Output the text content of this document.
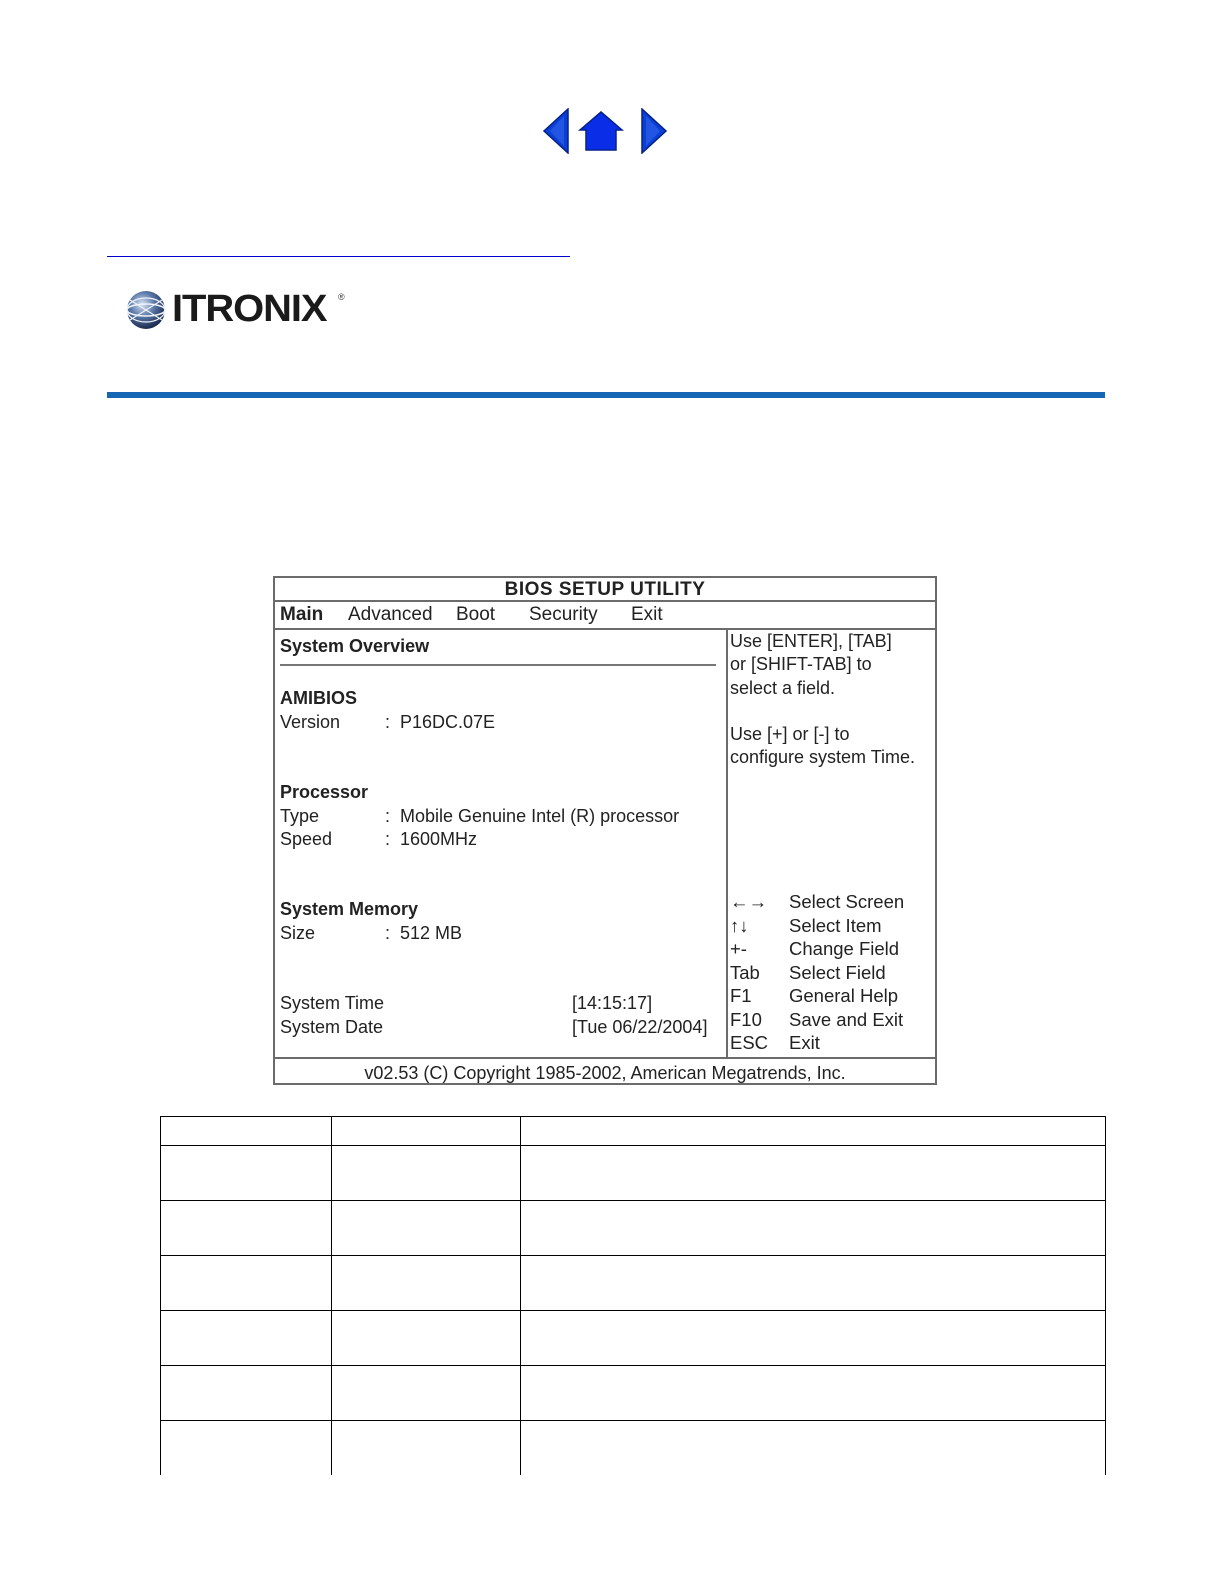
ITRONIX ®
BIOS SETUP UTILITY
Main Advanced Boot Security Exit
System Overview
AMIBIOS
Version : P16DC.07E
Processor
Type	: Mobile Genuine Intel (R) processor
Speed	: 1600MHz
System Memory
Size	: 512 MB
System Time	[14:15:17]
System Date	[Tue 06/22/2004]
Use [ENTER], [TAB]
or [SHIFT-TAB] to
select a field.
Use [+] or [-] to
configure system Time.
←→ Select Screen
↑↓ Select Item
+- Change Field
Tab Select Field
F1 General Help
F10 Save and Exit
ESC Exit
v02.53 (C) Copyright 1985-2002, American Megatrends, Inc.
